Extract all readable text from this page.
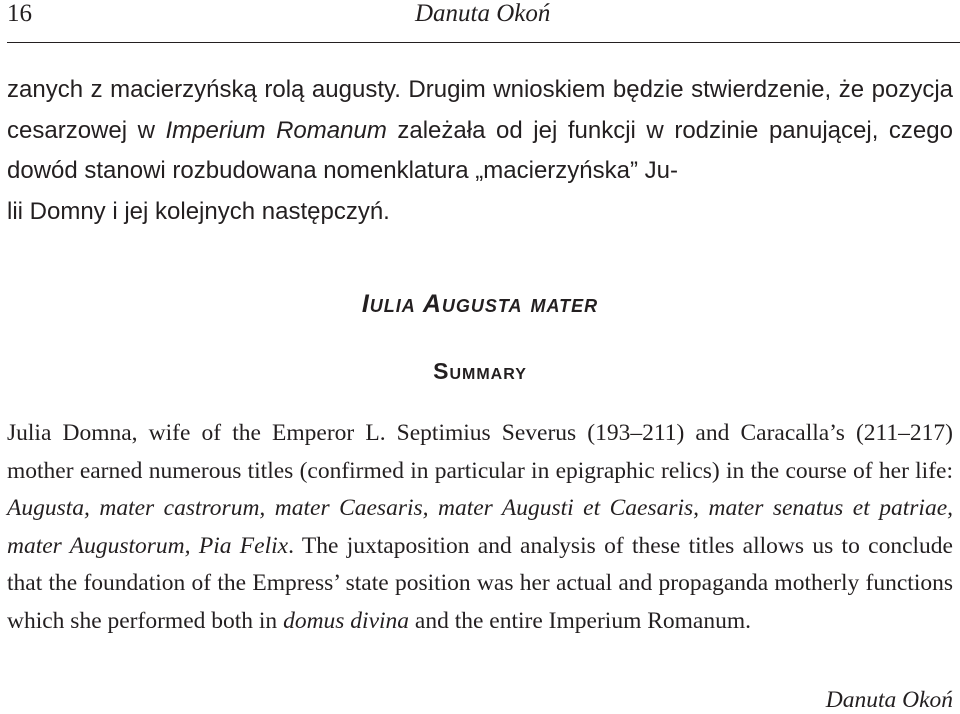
16	Danuta Okoń

zanych z macierzyńską rolą augusty. Drugim wnioskiem będzie stwierdzenie, że pozycja cesarzowej w Imperium Romanum zależała od jej funkcji w rodzinie panującej, czego dowód stanowi rozbudowana nomenklatura „macierzyńska” Ju-
lii Domny i jej kolejnych następczyń.

Iulia Augusta mater
Summary

Julia Domna, wife of the Emperor L. Septimius Severus (193–211) and Caracalla’s (211–217) mother earned numerous titles (confirmed in particular in epigraphic relics) in the course of her life: Augusta, mater castrorum, mater Caesaris, mater Augusti et Caesaris, mater senatus et patriae, mater Augustorum, Pia Felix. The juxtaposition and analysis of these titles allows us to conclude that the foundation of the Empress’ state position was her actual and propaganda motherly functions which she performed both in domus divina and the entire Imperium Romanum.

Danuta Okoń
